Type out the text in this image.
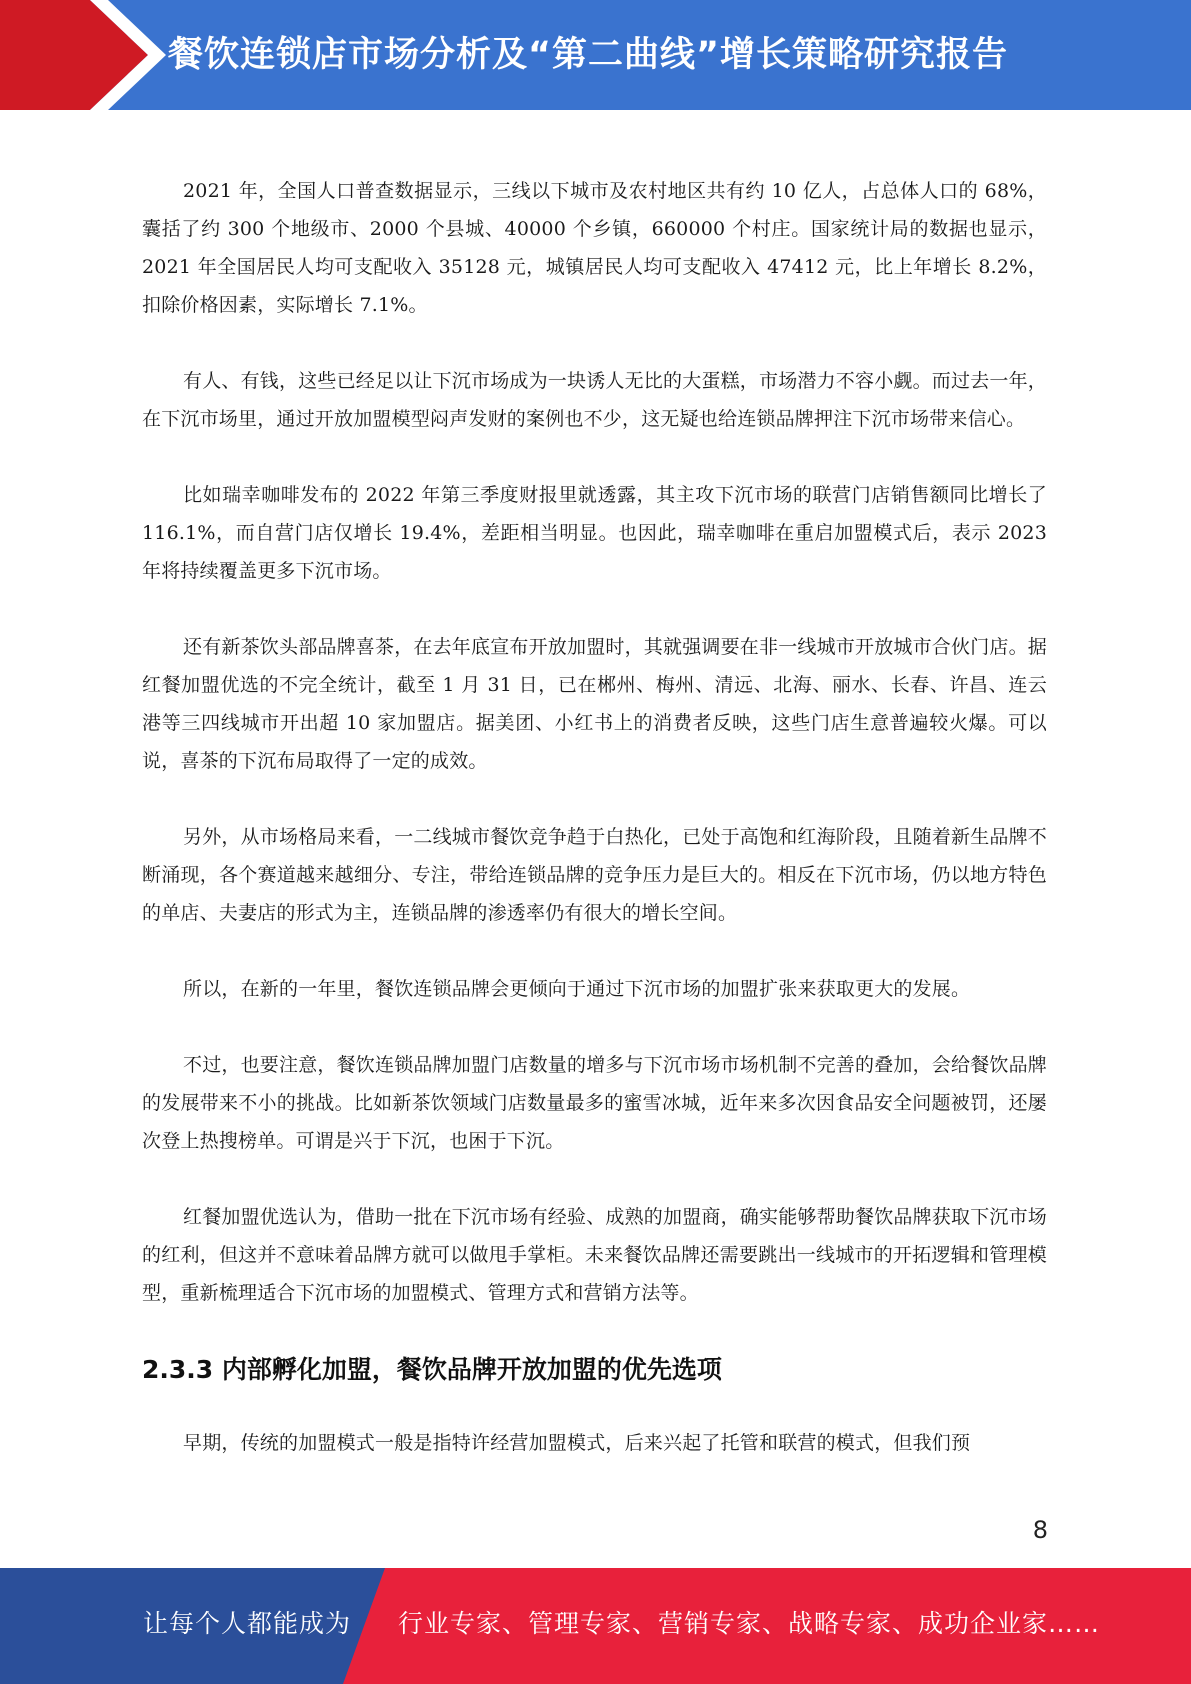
餐饮连锁店市场分析及“第二曲线”增长策略研究报告

2021 年，全国人口普查数据显示，三线以下城市及农村地区共有约 10 亿人，占总体人口的 68%，囊括了约 300 个地级市、2000 个县城、40000 个乡镇，660000 个村庄。国家统计局的数据也显示，2021 年全国居民人均可支配收入 35128 元，城镇居民人均可支配收入 47412 元，比上年增长 8.2%，扣除价格因素，实际增长 7.1%。

有人、有钱，这些已经足以让下沉市场成为一块诱人无比的大蛋糕，市场潜力不容小觑。而过去一年，在下沉市场里，通过开放加盟模型闷声发财的案例也不少，这无疑也给连锁品牌押注下沉市场带来信心。

比如瑞幸咖啡发布的 2022 年第三季度财报里就透露，其主攻下沉市场的联营门店销售额同比增长了 116.1%，而自营门店仅增长 19.4%，差距相当明显。也因此，瑞幸咖啡在重启加盟模式后，表示 2023 年将持续覆盖更多下沉市场。

还有新茶饮头部品牌喜茶，在去年底宣布开放加盟时，其就强调要在非一线城市开放城市合伙门店。据红餐加盟优选的不完全统计，截至 1 月 31 日，已在郴州、梅州、清远、北海、丽水、长春、许昌、连云港等三四线城市开出超 10 家加盟店。据美团、小红书上的消费者反映，这些门店生意普遍较火爆。可以说，喜茶的下沉布局取得了一定的成效。

另外，从市场格局来看，一二线城市餐饮竞争趋于白热化，已处于高饱和红海阶段，且随着新生品牌不断涌现，各个赛道越来越细分、专注，带给连锁品牌的竞争压力是巨大的。相反在下沉市场，仍以地方特色的单店、夫妻店的形式为主，连锁品牌的渗透率仍有很大的增长空间。

所以，在新的一年里，餐饮连锁品牌会更倾向于通过下沉市场的加盟扩张来获取更大的发展。

不过，也要注意，餐饮连锁品牌加盟门店数量的增多与下沉市场市场机制不完善的叠加，会给餐饮品牌的发展带来不小的挑战。比如新茶饮领域门店数量最多的蜜雪冰城，近年来多次因食品安全问题被罚，还屡次登上热搜榜单。可谓是兴于下沉，也困于下沉。

红餐加盟优选认为，借助一批在下沉市场有经验、成熟的加盟商，确实能够帮助餐饮品牌获取下沉市场的红利，但这并不意味着品牌方就可以做甩手掌柜。未来餐饮品牌还需要跳出一线城市的开拓逻辑和管理模型，重新梳理适合下沉市场的加盟模式、管理方式和营销方法等。

2.3.3 内部孵化加盟，餐饮品牌开放加盟的优先选项

早期，传统的加盟模式一般是指特许经营加盟模式，后来兴起了托管和联营的模式，但我们预

8
让每个人都能成为 行业专家、管理专家、营销专家、战略专家、成功企业家……
